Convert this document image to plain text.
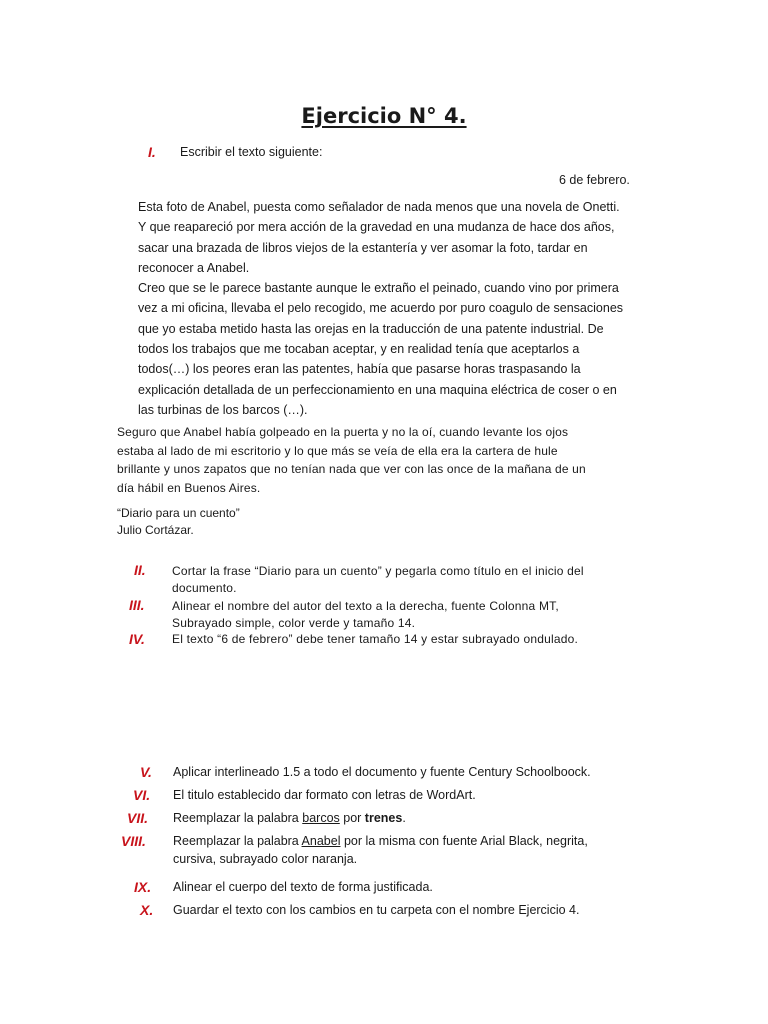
Ejercicio N° 4.
I. Escribir el texto siguiente:
6 de febrero.
Esta foto de Anabel, puesta como señalador de nada menos que una novela de Onetti.
Y que reapareció por mera acción de la gravedad en una mudanza de hace dos años,
sacar una brazada de libros viejos de la estantería y ver asomar la foto, tardar en
reconocer a Anabel.
Creo que se le parece bastante aunque le extraño el peinado, cuando vino por primera
vez a mi oficina, llevaba el pelo recogido, me acuerdo por puro coagulo de sensaciones
que yo estaba metido hasta las orejas en la traducción de una patente industrial. De
todos los trabajos que me tocaban aceptar, y en realidad tenía que aceptarlos a
todos(…) los peores eran las patentes, había que pasarse horas traspasando la
explicación detallada de un perfeccionamiento en una maquina eléctrica de coser o en
las turbinas de los barcos (…).
Seguro que Anabel había golpeado en la puerta y no la oí, cuando levante los ojos
estaba al lado de mi escritorio y lo que más se veía de ella era la cartera de hule
brillante y unos zapatos que no tenían nada que ver con las once de la mañana de un
día hábil en Buenos Aires.
“Diario para un cuento”
Julio Cortázar.
II. Cortar la frase “Diario para un cuento” y pegarla como título en el inicio del
documento.
III. Alinear el nombre del autor del texto a la derecha, fuente Colonna MT,
Subrayado simple, color verde y tamaño 14.
IV. El texto “6 de febrero” debe tener tamaño 14 y estar subrayado ondulado.
V. Aplicar interlineado 1.5 a todo el documento y fuente Century Schoolboock.
VI. El titulo establecido dar formato con letras de WordArt.
VII. Reemplazar la palabra barcos por trenes.
VIII. Reemplazar la palabra Anabel por la misma con fuente Arial Black, negrita,
cursiva, subrayado color naranja.
IX. Alinear el cuerpo del texto de forma justificada.
X. Guardar el texto con los cambios en tu carpeta con el nombre Ejercicio 4.
